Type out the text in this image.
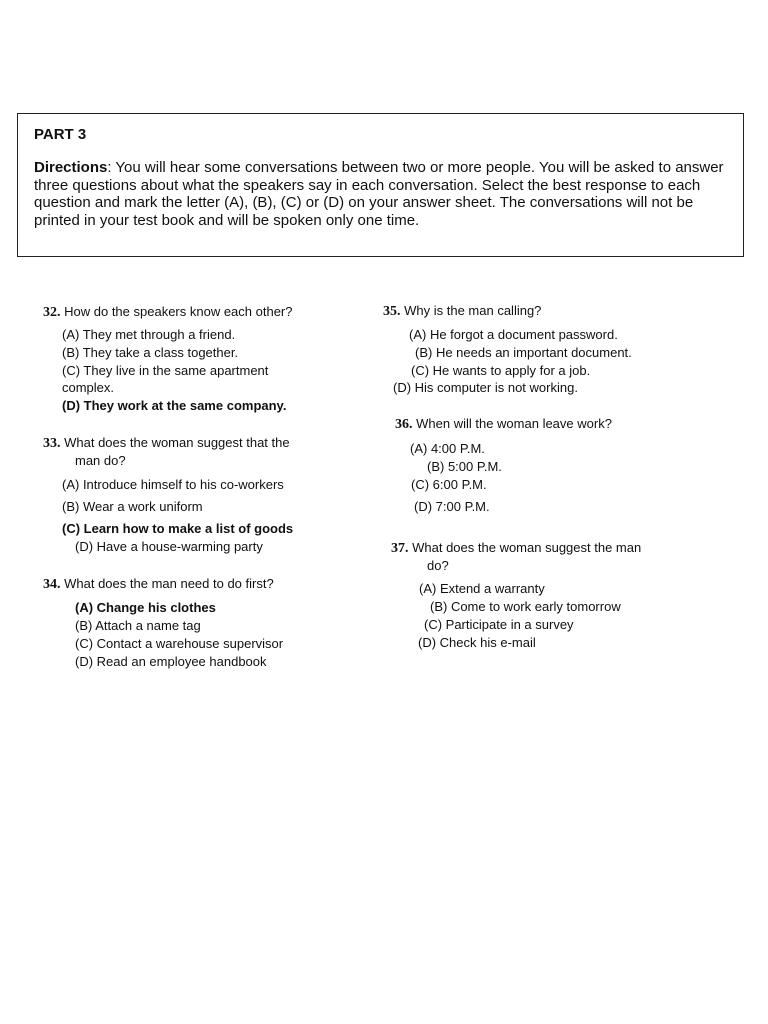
PART 3

Directions: You will hear some conversations between two or more people. You will be asked to answer three questions about what the speakers say in each conversation. Select the best response to each question and mark the letter (A), (B), (C) or (D) on your answer sheet. The conversations will not be printed in your test book and will be spoken only one time.

32. How do the speakers know each other?
(A) They met through a friend.
(B) They take a class together.
(C) They live in the same apartment
complex.
(D) They work at the same company.
33. What does the woman suggest that the
man do?
(A) Introduce himself to his co-workers
(B) Wear a work uniform
(C) Learn how to make a list of goods
(D) Have a house-warming party
34. What does the man need to do first?
(A) Change his clothes
(B) Attach a name tag
(C) Contact a warehouse supervisor
(D) Read an employee handbook
35. Why is the man calling?
(A) He forgot a document password.
(B) He needs an important document.
(C) He wants to apply for a job.
(D) His computer is not working.
36. When will the woman leave work?
(A) 4:00 P.M.
(B) 5:00 P.M.
(C) 6:00 P.M.
(D) 7:00 P.M.
37. What does the woman suggest the man
do?
(A) Extend a warranty
(B) Come to work early tomorrow
(C) Participate in a survey
(D) Check his e-mail
